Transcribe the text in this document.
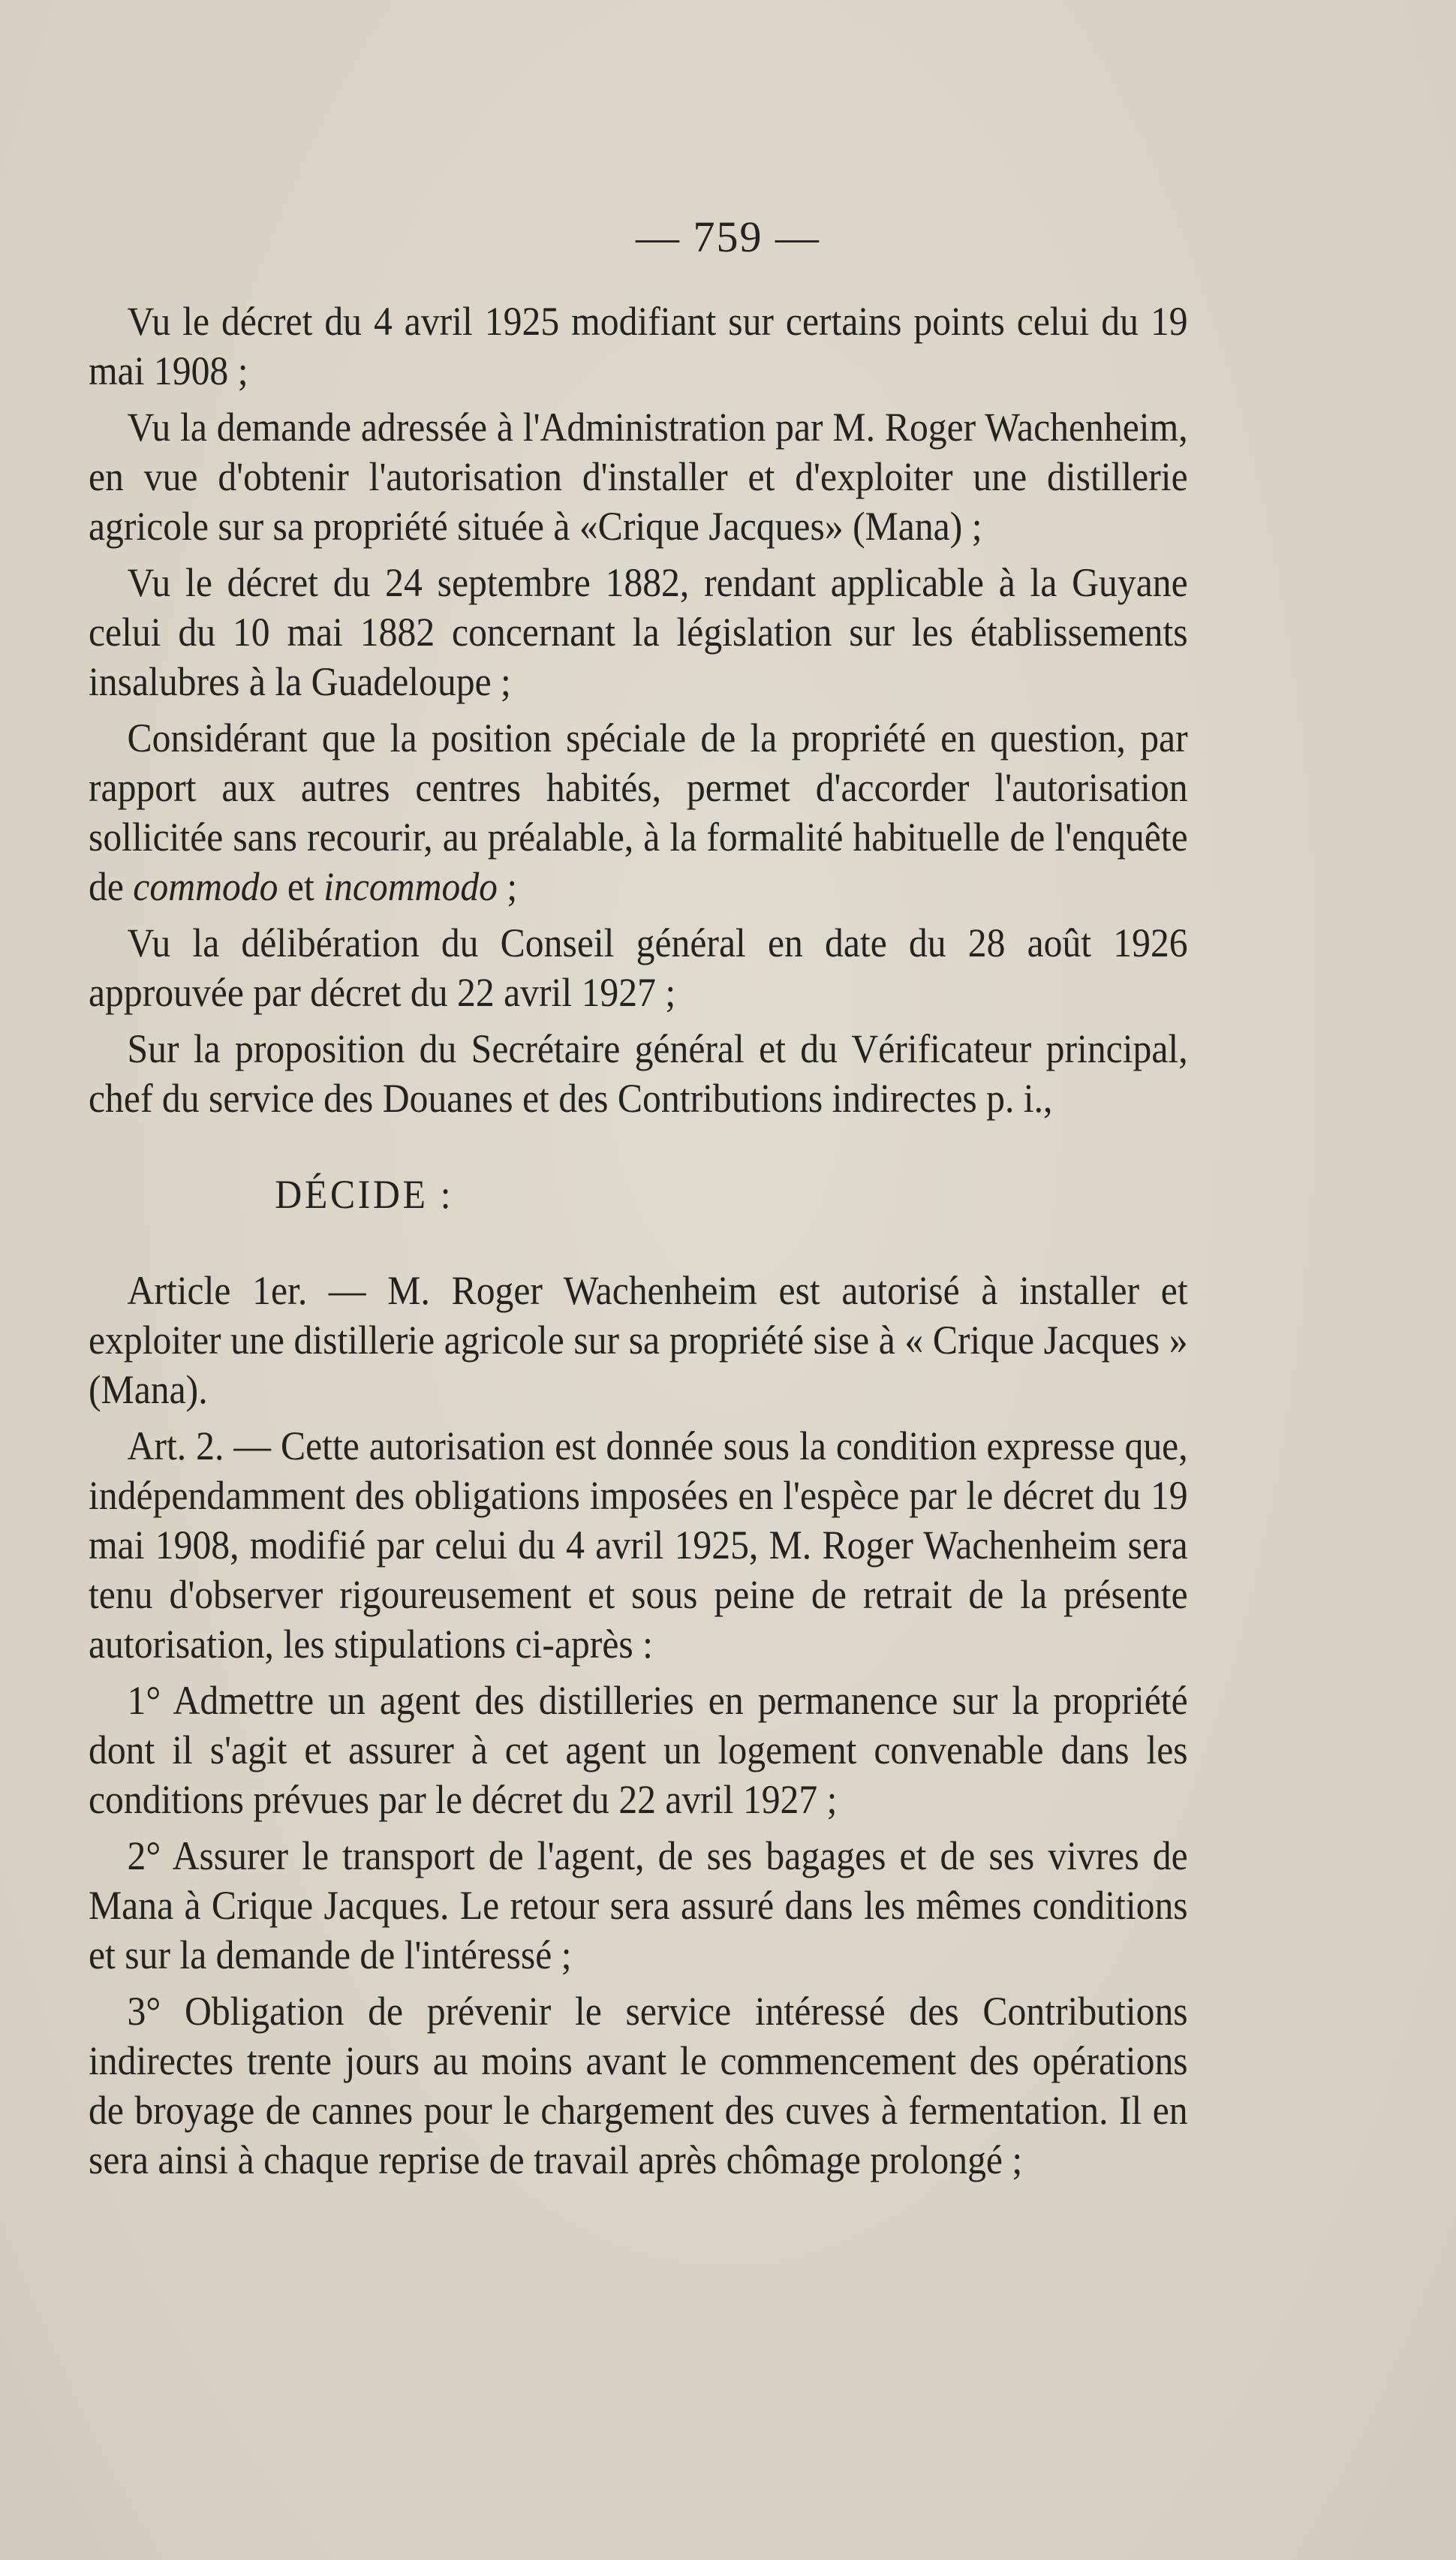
— 759 —

Vu le décret du 4 avril 1925 modifiant sur certains points celui du 19 mai 1908 ;

Vu la demande adressée à l'Administration par M. Roger Wachenheim, en vue d'obtenir l'autorisation d'installer et d'exploiter une distillerie agricole sur sa propriété située à «Crique Jacques» (Mana) ;

Vu le décret du 24 septembre 1882, rendant applicable à la Guyane celui du 10 mai 1882 concernant la législation sur les établissements insalubres à la Guadeloupe ;

Considérant que la position spéciale de la propriété en question, par rapport aux autres centres habités, permet d'accorder l'autorisation sollicitée sans recourir, au préalable, à la formalité habituelle de l'enquête de commodo et incommodo ;

Vu la délibération du Conseil général en date du 28 août 1926 approuvée par décret du 22 avril 1927 ;

Sur la proposition du Secrétaire général et du Vérificateur principal, chef du service des Douanes et des Contributions indirectes p. i.,

DÉCIDE :

Article 1er. — M. Roger Wachenheim est autorisé à installer et exploiter une distillerie agricole sur sa propriété sise à « Crique Jacques » (Mana).

Art. 2. — Cette autorisation est donnée sous la condition expresse que, indépendamment des obligations imposées en l'espèce par le décret du 19 mai 1908, modifié par celui du 4 avril 1925, M. Roger Wachenheim sera tenu d'observer rigoureusement et sous peine de retrait de la présente autorisation, les stipulations ci-après :

1° Admettre un agent des distilleries en permanence sur la propriété dont il s'agit et assurer à cet agent un logement convenable dans les conditions prévues par le décret du 22 avril 1927 ;

2° Assurer le transport de l'agent, de ses bagages et de ses vivres de Mana à Crique Jacques. Le retour sera assuré dans les mêmes conditions et sur la demande de l'intéressé ;

3° Obligation de prévenir le service intéressé des Contributions indirectes trente jours au moins avant le commencement des opérations de broyage de cannes pour le chargement des cuves à fermentation. Il en sera ainsi à chaque reprise de travail après chômage prolongé ;
